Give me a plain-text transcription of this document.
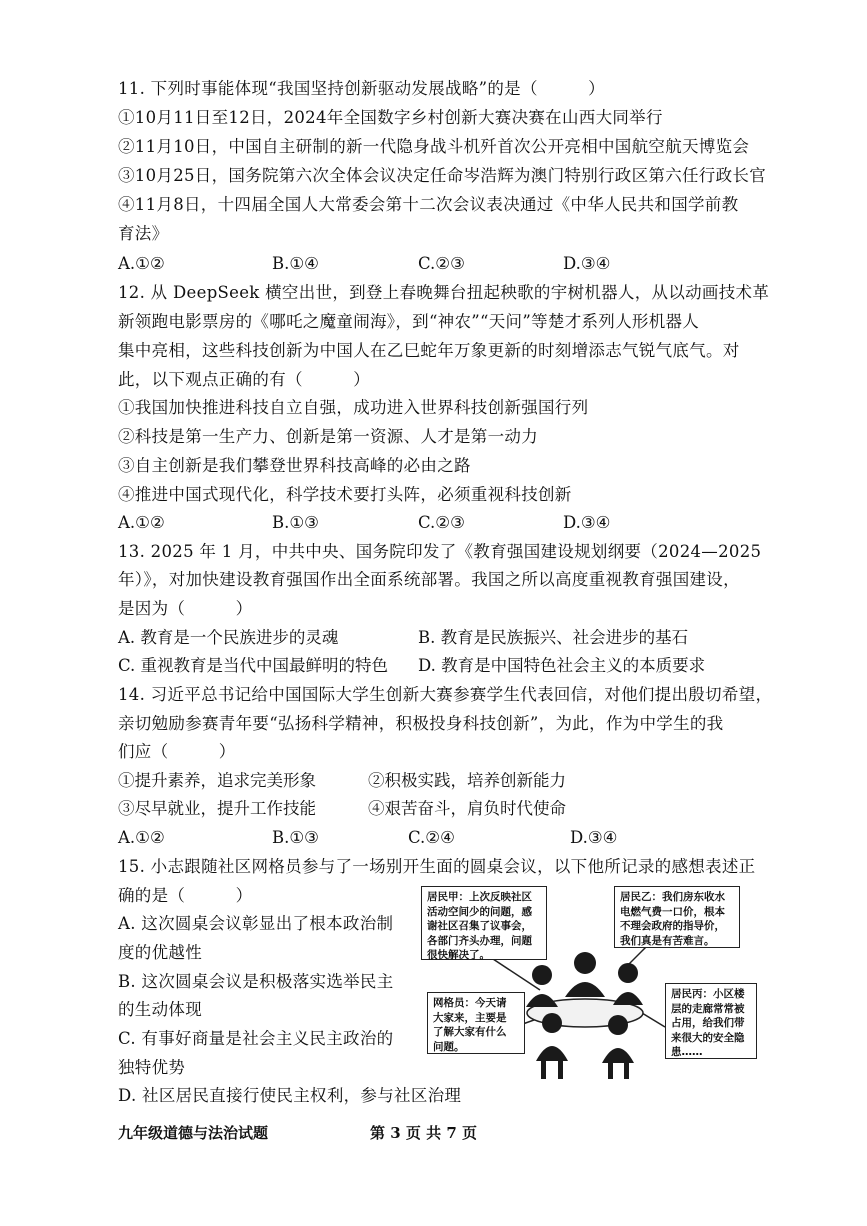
11. 下列时事能体现“我国坚持创新驱动发展战略”的是（　　　）
①10月11日至12日，2024年全国数字乡村创新大赛决赛在山西大同举行
②11月10日，中国自主研制的新一代隐身战斗机歼首次公开亮相中国航空航天博览会
③10月25日，国务院第六次全体会议决定任命岑浩辉为澳门特别行政区第六任行政长官
④11月8日，十四届全国人大常委会第十二次会议表决通过《中华人民共和国学前教
育法》
A.①②	B.①④	C.②③	D.③④
12. 从 DeepSeek 横空出世，到登上春晚舞台扭起秧歌的宇树机器人，从以动画技术革
新领跑电影票房的《哪吒之魔童闹海》，到“神农”“天问”等楚才系列人形机器人
集中亮相，这些科技创新为中国人在乙巳蛇年万象更新的时刻增添志气锐气底气。对
此，以下观点正确的有（　　　）
①我国加快推进科技自立自强，成功进入世界科技创新强国行列
②科技是第一生产力、创新是第一资源、人才是第一动力
③自主创新是我们攀登世界科技高峰的必由之路
④推进中国式现代化，科学技术要打头阵，必须重视科技创新
A.①②	B.①③	C.②③	D.③④
13. 2025 年 1 月，中共中央、国务院印发了《教育强国建设规划纲要（2024—2025
年）》，对加快建设教育强国作出全面系统部署。我国之所以高度重视教育强国建设，
是因为（　　　）
A. 教育是一个民族进步的灵魂	B. 教育是民族振兴、社会进步的基石
C. 重视教育是当代中国最鲜明的特色 D. 教育是中国特色社会主义的本质要求
14. 习近平总书记给中国国际大学生创新大赛参赛学生代表回信，对他们提出殷切希望，
亲切勉励参赛青年要“弘扬科学精神，积极投身科技创新”，为此，作为中学生的我
们应（　　　）
①提升素养，追求完美形象	②积极实践，培养创新能力
③尽早就业，提升工作技能	④艰苦奋斗，肩负时代使命
A.①②	B.①③	C.②④	D.③④
15. 小志跟随社区网格员参与了一场别开生面的圆桌会议，以下他所记录的感想表述正
确的是（　　　）
A. 这次圆桌会议彰显出了根本政治制
度的优越性
B. 这次圆桌会议是积极落实选举民主
的生动体现
C. 有事好商量是社会主义民主政治的
独特优势
D. 社区居民直接行使民主权利，参与社区治理
居民甲：上次反映社区
活动空间少的问题，感
谢社区召集了议事会，
各部门齐头办理，问题
很快解决了。
居民乙：我们房东收水
电燃气费一口价，根本
不理会政府的指导价，
我们真是有苦难言。
网格员：今天请
大家来，主要是
了解大家有什么
问题。
居民丙：小区楼
层的走廊常常被
占用，给我们带
来很大的安全隐
患……
九年级道德与法治试题	第 3 页 共 7 页
